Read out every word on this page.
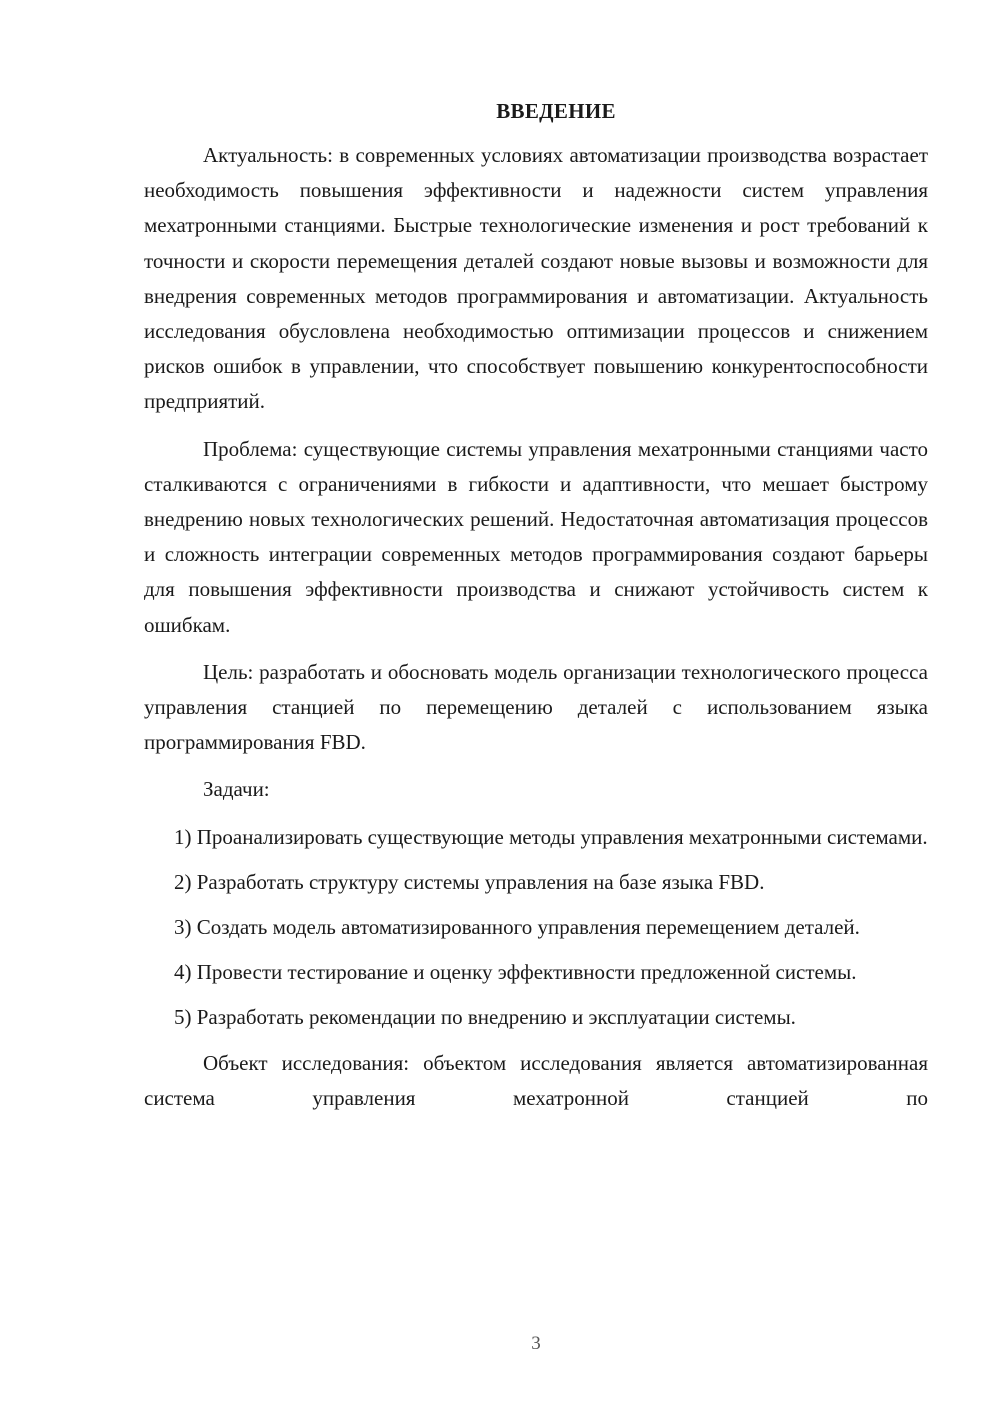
ВВЕДЕНИЕ

Актуальность: в современных условиях автоматизации производства возрастает необходимость повышения эффективности и надежности систем управления мехатронными станциями. Быстрые технологические изменения и рост требований к точности и скорости перемещения деталей создают новые вызовы и возможности для внедрения современных методов программирования и автоматизации. Актуальность исследования обусловлена необходимостью оптимизации процессов и снижением рисков ошибок в управлении, что способствует повышению конкурентоспособности предприятий.

Проблема: существующие системы управления мехатронными станциями часто сталкиваются с ограничениями в гибкости и адаптивности, что мешает быстрому внедрению новых технологических решений. Недостаточная автоматизация процессов и сложность интеграции современных методов программирования создают барьеры для повышения эффективности производства и снижают устойчивость систем к ошибкам.

Цель: разработать и обосновать модель организации технологического процесса управления станцией по перемещению деталей с использованием языка программирования FBD.

Задачи:

1) Проанализировать существующие методы управления мехатронными системами.

2) Разработать структуру системы управления на базе языка FBD.

3) Создать модель автоматизированного управления перемещением деталей.

4) Провести тестирование и оценку эффективности предложенной системы.

5) Разработать рекомендации по внедрению и эксплуатации системы.

Объект исследования: объектом исследования является автоматизированная система управления мехатронной станцией по

3
